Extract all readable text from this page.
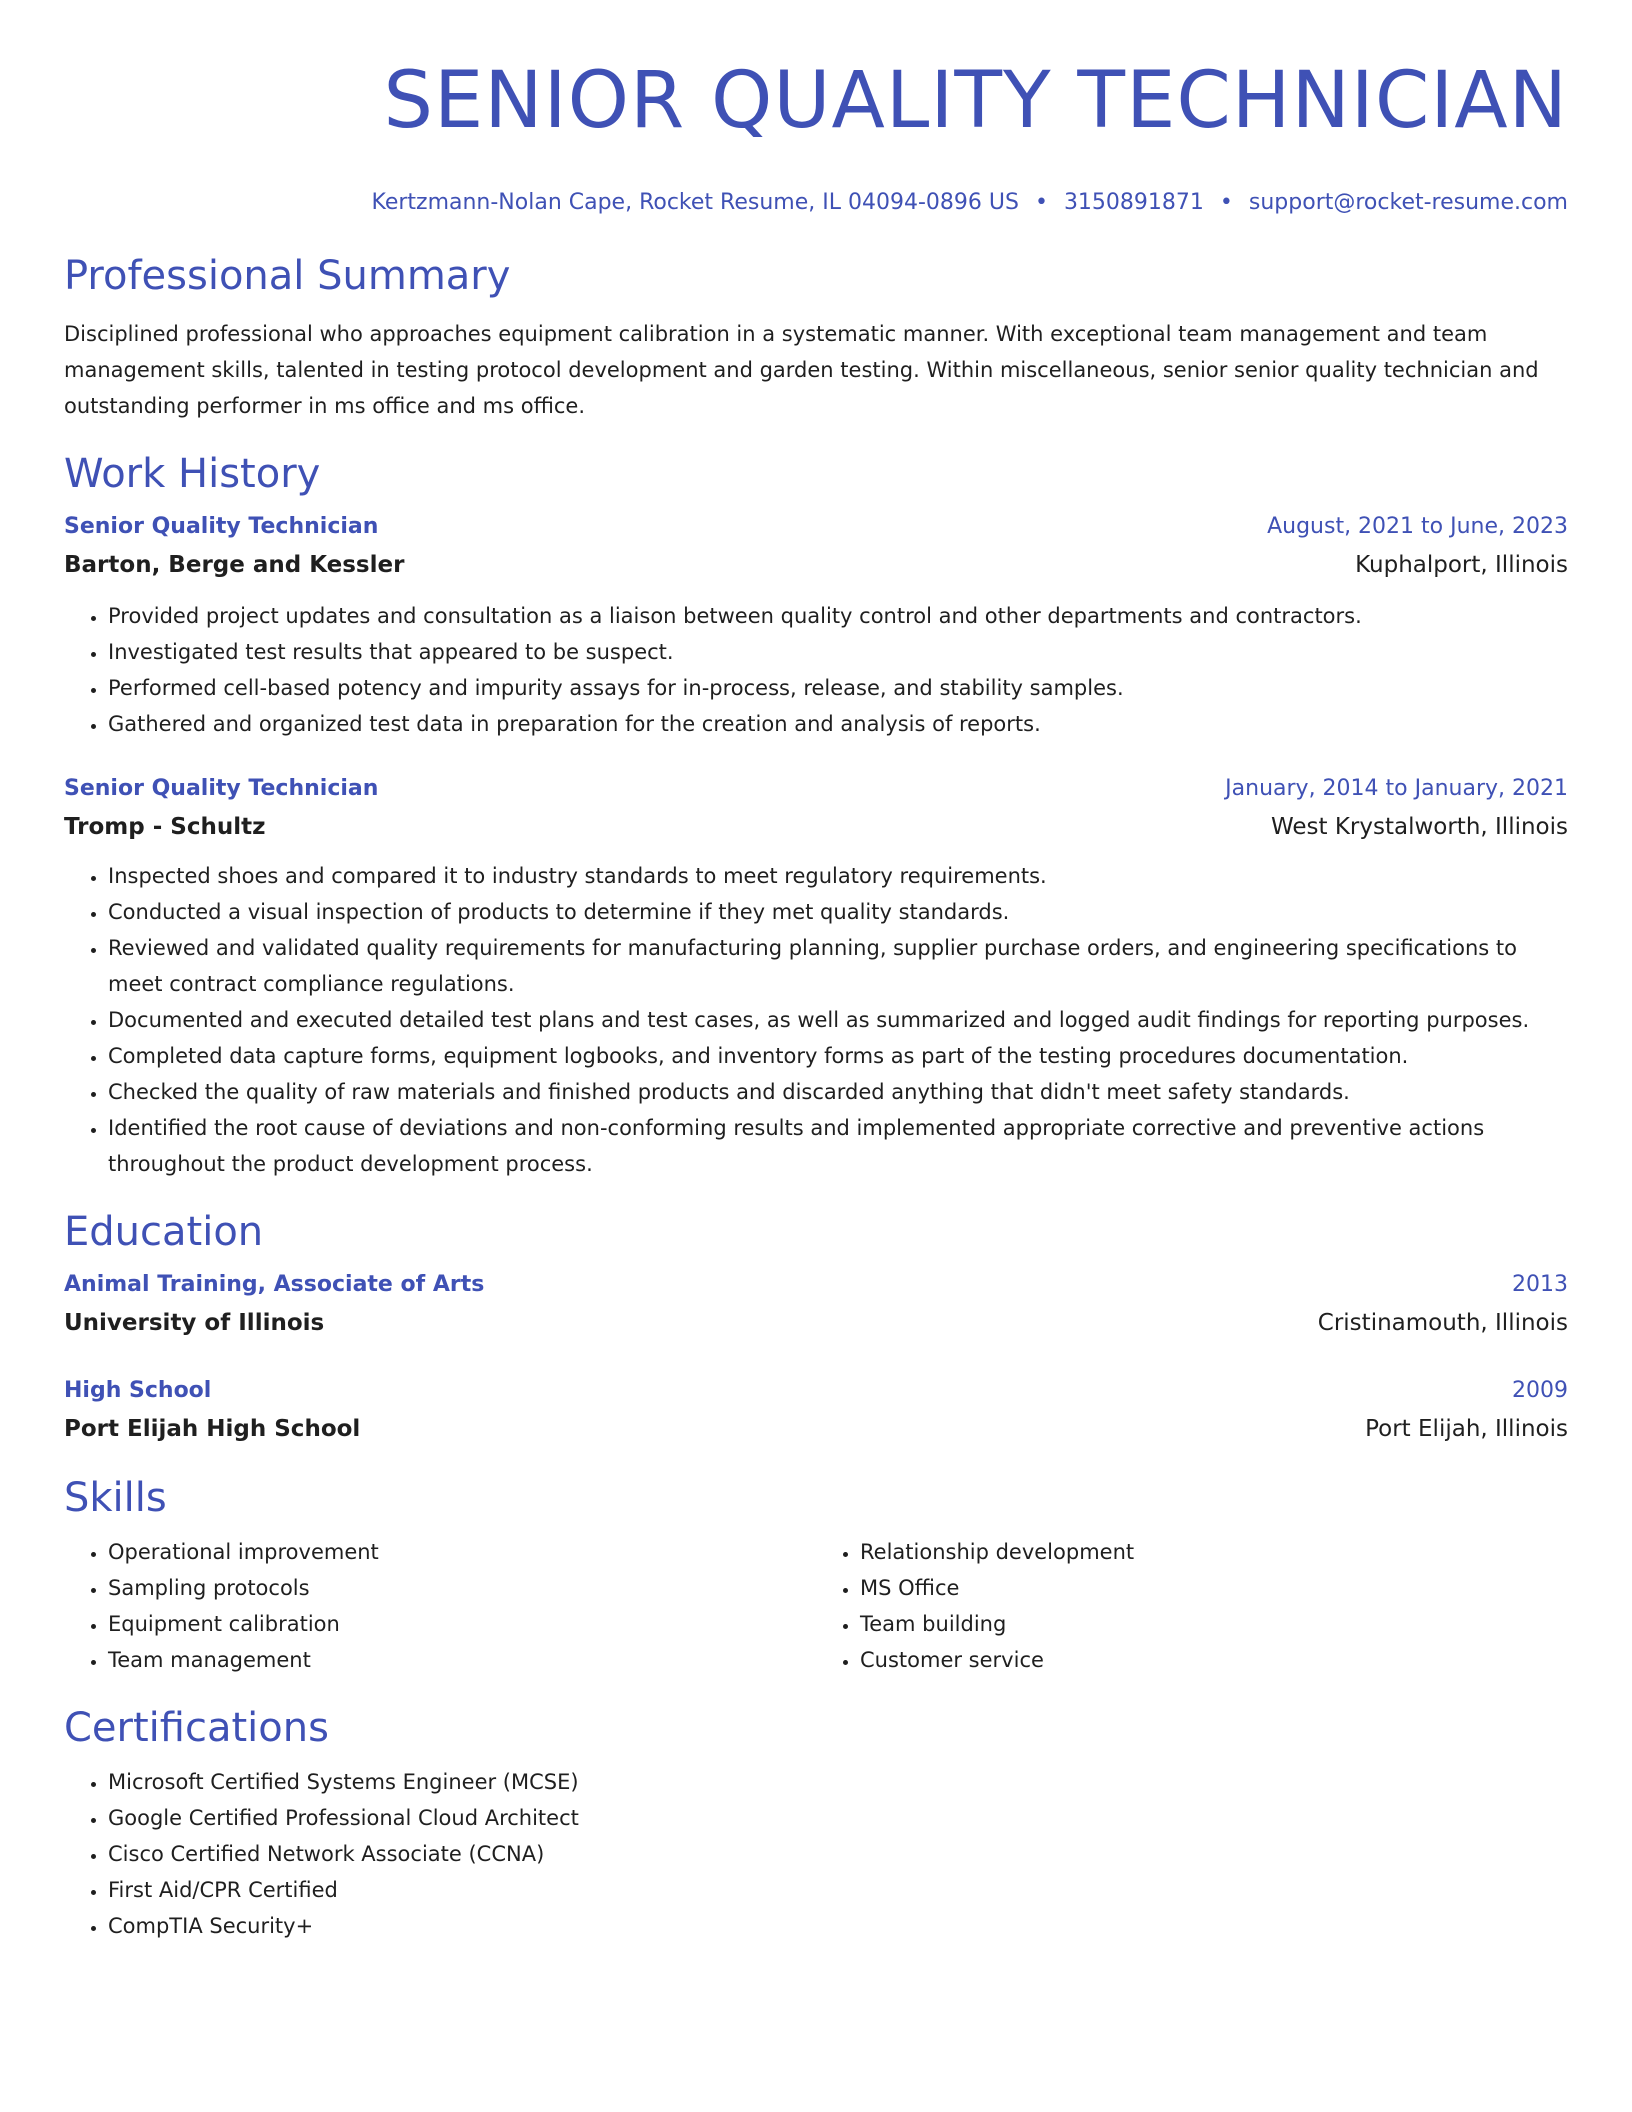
SENIOR QUALITY TECHNICIAN
Kertzmann-Nolan Cape, Rocket Resume, IL 04094-0896 US • 3150891871 • support@rocket-resume.com
Professional Summary
Disciplined professional who approaches equipment calibration in a systematic manner. With exceptional team management and team management skills, talented in testing protocol development and garden testing. Within miscellaneous, senior senior quality technician and outstanding performer in ms office and ms office.
Work History
Senior Quality Technician	August, 2021 to June, 2023
Barton, Berge and Kessler	Kuphalport, Illinois
• Provided project updates and consultation as a liaison between quality control and other departments and contractors.
• Investigated test results that appeared to be suspect.
• Performed cell-based potency and impurity assays for in-process, release, and stability samples.
• Gathered and organized test data in preparation for the creation and analysis of reports.
Senior Quality Technician	January, 2014 to January, 2021
Tromp - Schultz	West Krystalworth, Illinois
• Inspected shoes and compared it to industry standards to meet regulatory requirements.
• Conducted a visual inspection of products to determine if they met quality standards.
• Reviewed and validated quality requirements for manufacturing planning, supplier purchase orders, and engineering specifications to meet contract compliance regulations.
• Documented and executed detailed test plans and test cases, as well as summarized and logged audit findings for reporting purposes.
• Completed data capture forms, equipment logbooks, and inventory forms as part of the testing procedures documentation.
• Checked the quality of raw materials and finished products and discarded anything that didn't meet safety standards.
• Identified the root cause of deviations and non-conforming results and implemented appropriate corrective and preventive actions throughout the product development process.
Education
Animal Training, Associate of Arts	2013
University of Illinois	Cristinamouth, Illinois
High School	2009
Port Elijah High School	Port Elijah, Illinois
Skills
• Operational improvement
• Sampling protocols
• Equipment calibration
• Team management
• Relationship development
• MS Office
• Team building
• Customer service
Certifications
• Microsoft Certified Systems Engineer (MCSE)
• Google Certified Professional Cloud Architect
• Cisco Certified Network Associate (CCNA)
• First Aid/CPR Certified
• CompTIA Security+
